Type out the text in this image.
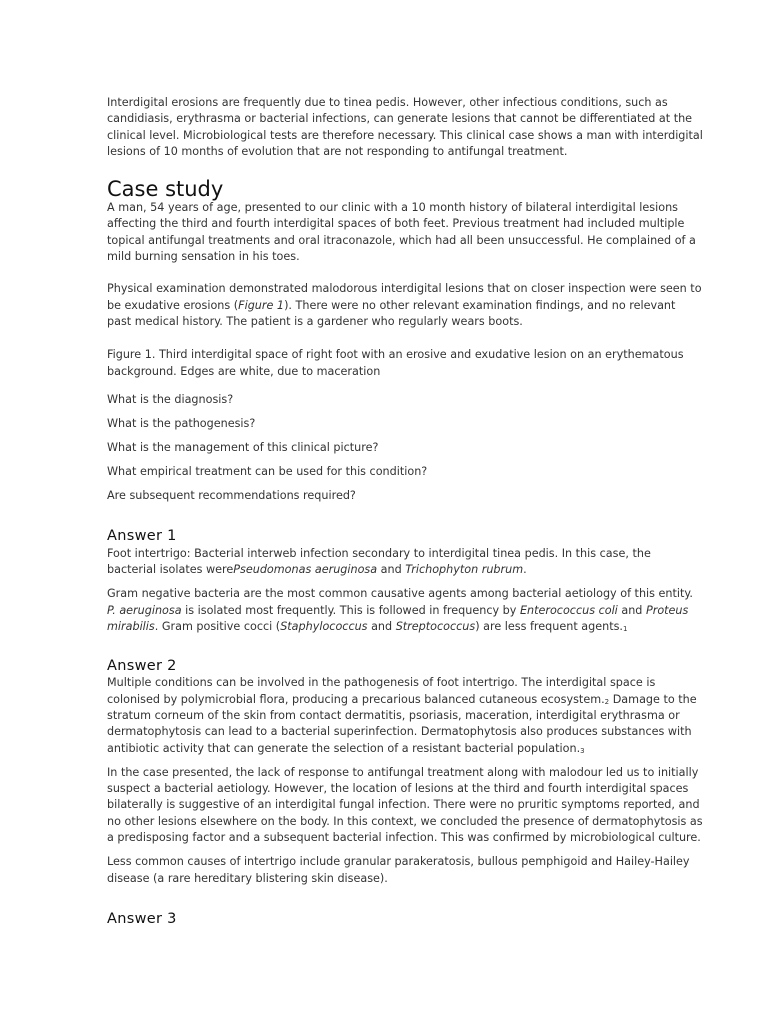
Interdigital erosions are frequently due to tinea pedis. However, other infectious conditions, such as candidiasis, erythrasma or bacterial infections, can generate lesions that cannot be differentiated at the clinical level. Microbiological tests are therefore necessary. This clinical case shows a man with interdigital lesions of 10 months of evolution that are not responding to antifungal treatment.

Case study

A man, 54 years of age, presented to our clinic with a 10 month history of bilateral interdigital lesions affecting the third and fourth interdigital spaces of both feet. Previous treatment had included multiple topical antifungal treatments and oral itraconazole, which had all been unsuccessful. He complained of a mild burning sensation in his toes.

Physical examination demonstrated malodorous interdigital lesions that on closer inspection were seen to be exudative erosions (Figure 1). There were no other relevant examination findings, and no relevant past medical history. The patient is a gardener who regularly wears boots.

Figure 1. Third interdigital space of right foot with an erosive and exudative lesion on an erythematous background. Edges are white, due to maceration

What is the diagnosis?

What is the pathogenesis?

What is the management of this clinical picture?

What empirical treatment can be used for this condition?

Are subsequent recommendations required?

Answer 1

Foot intertrigo: Bacterial interweb infection secondary to interdigital tinea pedis. In this case, the bacterial isolates werePseudomonas aeruginosa and Trichophyton rubrum.

Gram negative bacteria are the most common causative agents among bacterial aetiology of this entity. P. aeruginosa is isolated most frequently. This is followed in frequency by Enterococcus coli and Proteus mirabilis. Gram positive cocci (Staphylococcus and Streptococcus) are less frequent agents.$^1$

Answer 2

Multiple conditions can be involved in the pathogenesis of foot intertrigo. The interdigital space is colonised by polymicrobial flora, producing a precarious balanced cutaneous ecosystem.$^2$ Damage to the stratum corneum of the skin from contact dermatitis, psoriasis, maceration, interdigital erythrasma or dermatophytosis can lead to a bacterial superinfection. Dermatophytosis also produces substances with antibiotic activity that can generate the selection of a resistant bacterial population.$^3$

In the case presented, the lack of response to antifungal treatment along with malodour led us to initially suspect a bacterial aetiology. However, the location of lesions at the third and fourth interdigital spaces bilaterally is suggestive of an interdigital fungal infection. There were no pruritic symptoms reported, and no other lesions elsewhere on the body. In this context, we concluded the presence of dermatophytosis as a predisposing factor and a subsequent bacterial infection. This was confirmed by microbiological culture.

Less common causes of intertrigo include granular parakeratosis, bullous pemphigoid and Hailey-Hailey disease (a rare hereditary blistering skin disease).

Answer 3
